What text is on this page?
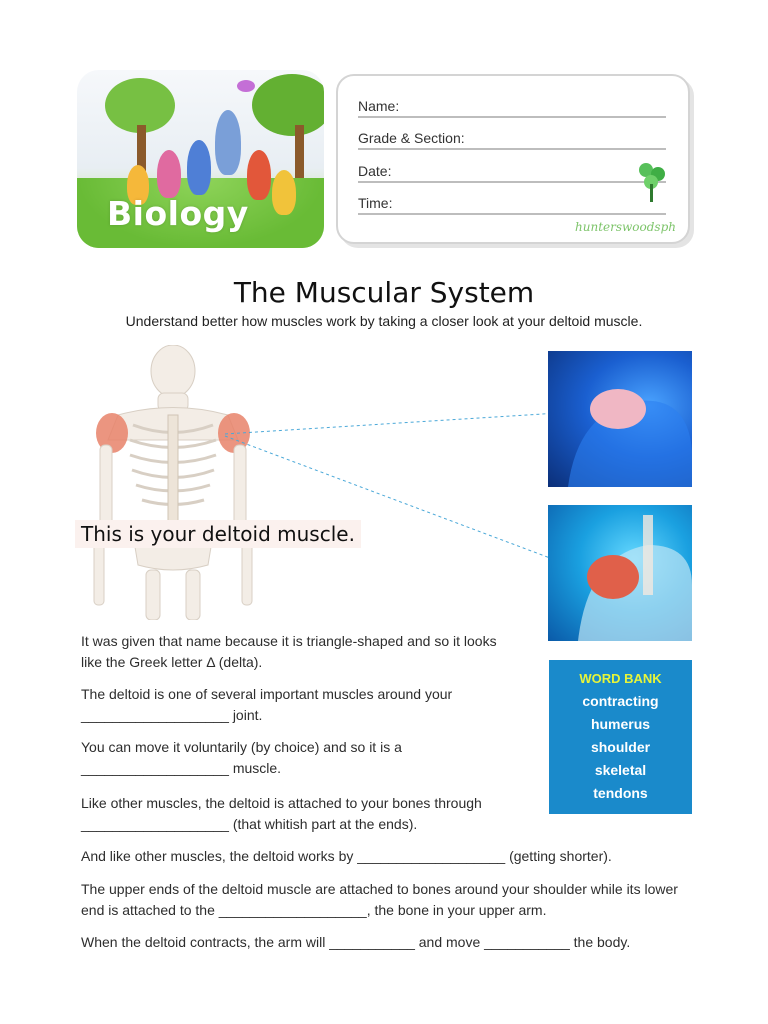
Biology
Name:
Grade & Section:
Date:
Time:
hunterswoodsph
The Muscular System
Understand better how muscles work by taking a closer look at your deltoid muscle.
This is your deltoid muscle.
WORD BANK
contracting
humerus
shoulder
skeletal
tendons
It was given that name because it is triangle-shaped and so it looks like the Greek letter Δ (delta).
The deltoid is one of several important muscles around your ___________________ joint.
You can move it voluntarily (by choice) and so it is a ___________________ muscle.
Like other muscles, the deltoid is attached to your bones through ___________________ (that whitish part at the ends).
And like other muscles, the deltoid works by ___________________ (getting shorter).
The upper ends of the deltoid muscle are attached to bones around your shoulder while its lower end is attached to the ___________________, the bone in your upper arm.
When the deltoid contracts, the arm will ___________ and move ___________ the body.
